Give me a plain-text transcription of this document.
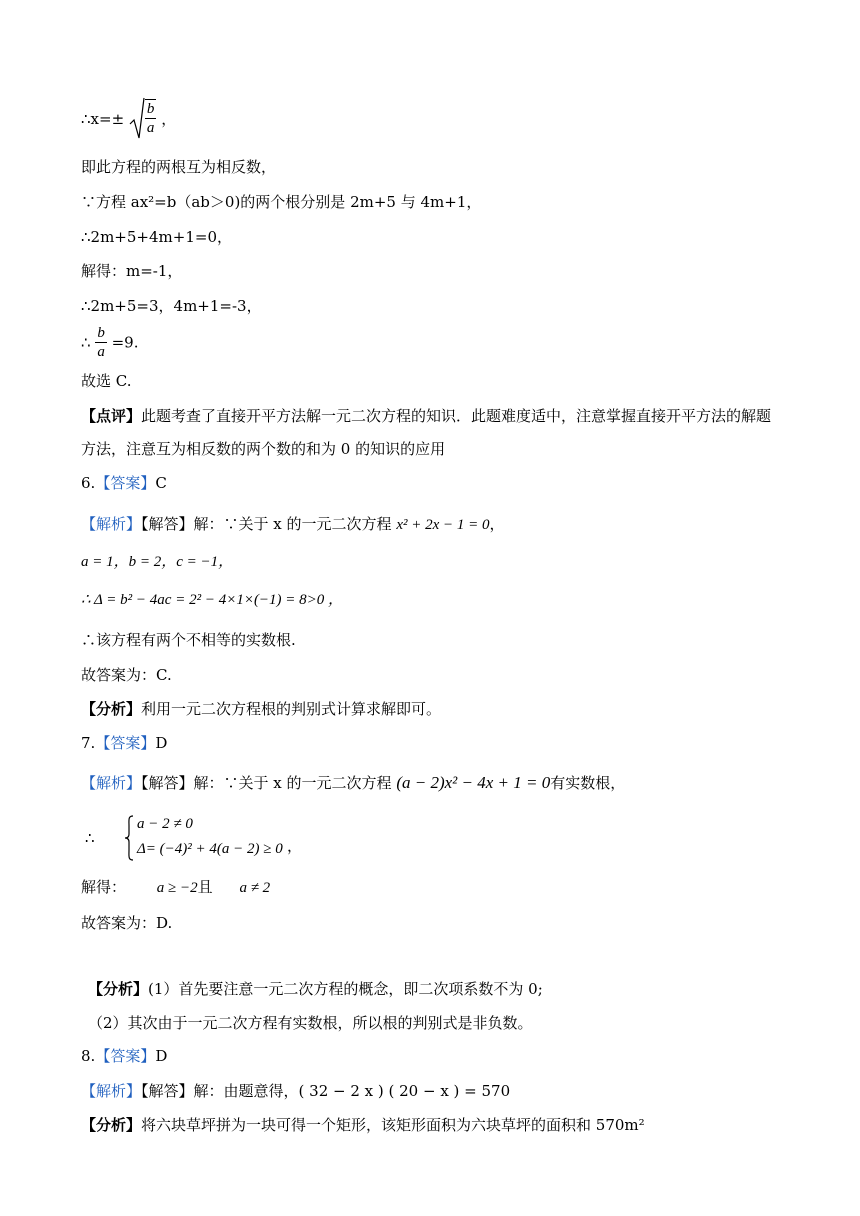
∴x=± $\frac{b}{a}$ ，
即此方程的两根互为相反数，
∵方程 ax²=b（ab＞0)的两个根分别是 2m+5 与 4m+1，
∴2m+5+4m+1=0，
解得：m=-1，
∴2m+5=3，4m+1=-3，
∴ $\frac{b}{a} =9$.
故选 C.
【点评】此题考查了直接开平方法解一元二次方程的知识．此题难度适中，注意掌握直接开平方法的解题
方法，注意互为相反数的两个数的和为 0 的知识的应用
6.【答案】C
【解析】【解答】解：∵关于 x 的一元二次方程 x² + 2x − 1 = 0，
a = 1，b = 2，c = −1，
∴ Δ = b² − 4ac = 2² − 4×1×(−1) = 8>0 ，
∴该方程有两个不相等的实数根.
故答案为：C.
【分析】利用一元二次方程根的判别式计算求解即可。
7.【答案】D
【解析】【解答】解：∵关于 x 的一元二次方程 (a − 2)x² − 4x + 1 = 0有实数根，
∴
a − 2 ≠ 0
Δ= (−4)² + 4(a − 2) ≥ 0 ，
解得： a ≥ −2且 a ≠ 2
故答案为：D.
【分析】(1）首先要注意一元二次方程的概念，即二次项系数不为 0;
（2）其次由于一元二次方程有实数根，所以根的判别式是非负数。
8.【答案】D
【解析】【解答】解：由题意得，( 32 − 2 x ) ( 20 − x ) = 570
【分析】将六块草坪拼为一块可得一个矩形，该矩形面积为六块草坪的面积和 570m²
